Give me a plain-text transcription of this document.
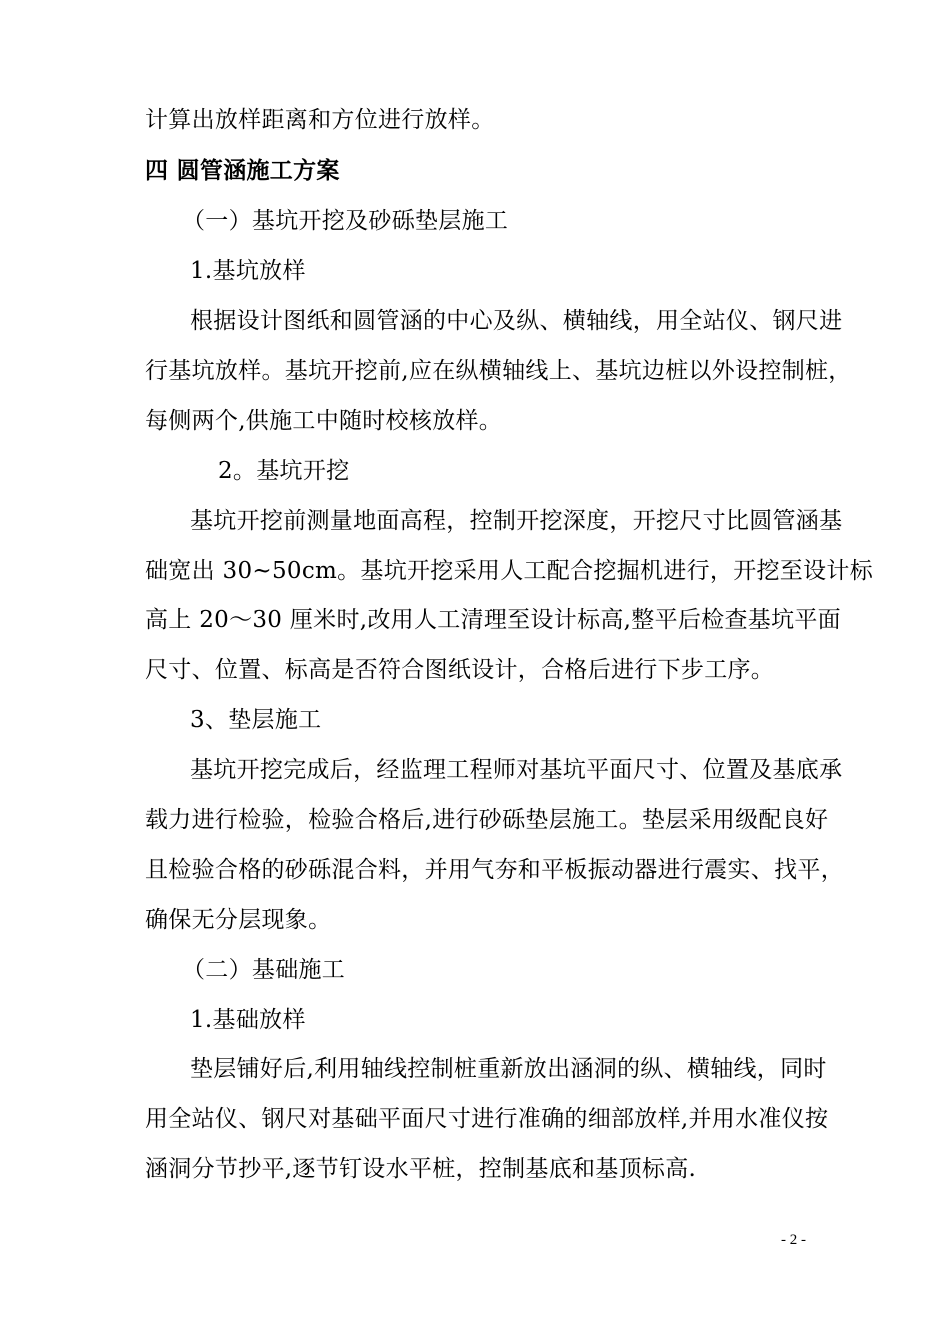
计算出放样距离和方位进行放样。
四 圆管涵施工方案
（一）基坑开挖及砂砾垫层施工
1.基坑放样
根据设计图纸和圆管涵的中心及纵、横轴线，用全站仪、钢尺进
行基坑放样。基坑开挖前,应在纵横轴线上、基坑边桩以外设控制桩，
每侧两个,供施工中随时校核放样。
2。基坑开挖
基坑开挖前测量地面高程，控制开挖深度，开挖尺寸比圆管涵基
础宽出 30~50cm。基坑开挖采用人工配合挖掘机进行，开挖至设计标
高上 20～30 厘米时,改用人工清理至设计标高,整平后检查基坑平面
尺寸、位置、标高是否符合图纸设计，合格后进行下步工序。
3、垫层施工
基坑开挖完成后，经监理工程师对基坑平面尺寸、位置及基底承
载力进行检验，检验合格后,进行砂砾垫层施工。垫层采用级配良好
且检验合格的砂砾混合料，并用气夯和平板振动器进行震实、找平，
确保无分层现象。
（二）基础施工
1.基础放样
垫层铺好后,利用轴线控制桩重新放出涵洞的纵、横轴线，同时
用全站仪、钢尺对基础平面尺寸进行准确的细部放样,并用水准仪按
涵洞分节抄平,逐节钉设水平桩，控制基底和基顶标高.
- 2 -
